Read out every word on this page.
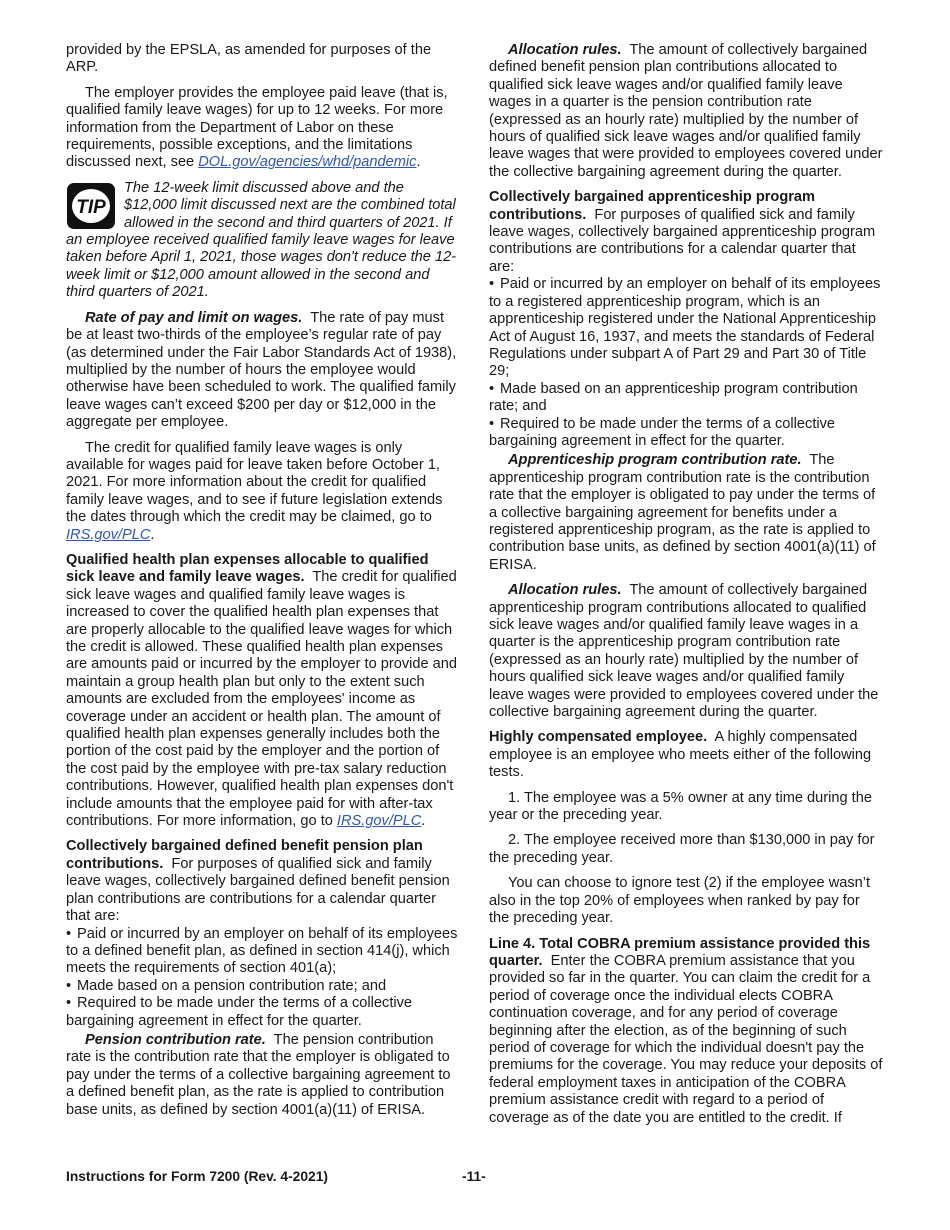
provided by the EPSLA, as amended for purposes of the ARP.

The employer provides the employee paid leave (that is, qualified family leave wages) for up to 12 weeks. For more information from the Department of Labor on these requirements, possible exceptions, and the limitations discussed next, see DOL.gov/agencies/whd/pandemic.

TIP
The 12-week limit discussed above and the $12,000 limit discussed next are the combined total allowed in the second and third quarters of 2021. If an employee received qualified family leave wages for leave taken before April 1, 2021, those wages don't reduce the 12-week limit or $12,000 amount allowed in the second and third quarters of 2021.

Rate of pay and limit on wages. The rate of pay must be at least two-thirds of the employee’s regular rate of pay (as determined under the Fair Labor Standards Act of 1938), multiplied by the number of hours the employee would otherwise have been scheduled to work. The qualified family leave wages can’t exceed $200 per day or $12,000 in the aggregate per employee.

The credit for qualified family leave wages is only available for wages paid for leave taken before October 1, 2021. For more information about the credit for qualified family leave wages, and to see if future legislation extends the dates through which the credit may be claimed, go to IRS.gov/PLC.

Qualified health plan expenses allocable to qualified sick leave and family leave wages. The credit for qualified sick leave wages and qualified family leave wages is increased to cover the qualified health plan expenses that are properly allocable to the qualified leave wages for which the credit is allowed. These qualified health plan expenses are amounts paid or incurred by the employer to provide and maintain a group health plan but only to the extent such amounts are excluded from the employees' income as coverage under an accident or health plan. The amount of qualified health plan expenses generally includes both the portion of the cost paid by the employer and the portion of the cost paid by the employee with pre-tax salary reduction contributions. However, qualified health plan expenses don't include amounts that the employee paid for with after-tax contributions. For more information, go to IRS.gov/PLC.

Collectively bargained defined benefit pension plan contributions. For purposes of qualified sick and family leave wages, collectively bargained defined benefit pension plan contributions are contributions for a calendar quarter that are:

• Paid or incurred by an employer on behalf of its employees to a defined benefit plan, as defined in section 414(j), which meets the requirements of section 401(a);

• Made based on a pension contribution rate; and

• Required to be made under the terms of a collective bargaining agreement in effect for the quarter.

Pension contribution rate. The pension contribution rate is the contribution rate that the employer is obligated to pay under the terms of a collective bargaining agreement to a defined benefit plan, as the rate is applied to contribution base units, as defined by section 4001(a)(11) of ERISA.

Allocation rules. The amount of collectively bargained defined benefit pension plan contributions allocated to qualified sick leave wages and/or qualified family leave wages in a quarter is the pension contribution rate (expressed as an hourly rate) multiplied by the number of hours of qualified sick leave wages and/or qualified family leave wages that were provided to employees covered under the collective bargaining agreement during the quarter.

Collectively bargained apprenticeship program contributions. For purposes of qualified sick and family leave wages, collectively bargained apprenticeship program contributions are contributions for a calendar quarter that are:

• Paid or incurred by an employer on behalf of its employees to a registered apprenticeship program, which is an apprenticeship registered under the National Apprenticeship Act of August 16, 1937, and meets the standards of Federal Regulations under subpart A of Part 29 and Part 30 of Title 29;

• Made based on an apprenticeship program contribution rate; and

• Required to be made under the terms of a collective bargaining agreement in effect for the quarter.

Apprenticeship program contribution rate. The apprenticeship program contribution rate is the contribution rate that the employer is obligated to pay under the terms of a collective bargaining agreement for benefits under a registered apprenticeship program, as the rate is applied to contribution base units, as defined by section 4001(a)(11) of ERISA.

Allocation rules. The amount of collectively bargained apprenticeship program contributions allocated to qualified sick leave wages and/or qualified family leave wages in a quarter is the apprenticeship program contribution rate (expressed as an hourly rate) multiplied by the number of hours qualified sick leave wages and/or qualified family leave wages were provided to employees covered under the collective bargaining agreement during the quarter.

Highly compensated employee. A highly compensated employee is an employee who meets either of the following tests.

1. The employee was a 5% owner at any time during the year or the preceding year.

2. The employee received more than $130,000 in pay for the preceding year.

You can choose to ignore test (2) if the employee wasn’t also in the top 20% of employees when ranked by pay for the preceding year.

Line 4. Total COBRA premium assistance provided this quarter. Enter the COBRA premium assistance that you provided so far in the quarter. You can claim the credit for a period of coverage once the individual elects COBRA continuation coverage, and for any period of coverage beginning after the election, as of the beginning of such period of coverage for which the individual doesn't pay the premiums for the coverage. You may reduce your deposits of federal employment taxes in anticipation of the COBRA premium assistance credit with regard to a period of coverage as of the date you are entitled to the credit. If

Instructions for Form 7200 (Rev. 4-2021)	-11-
